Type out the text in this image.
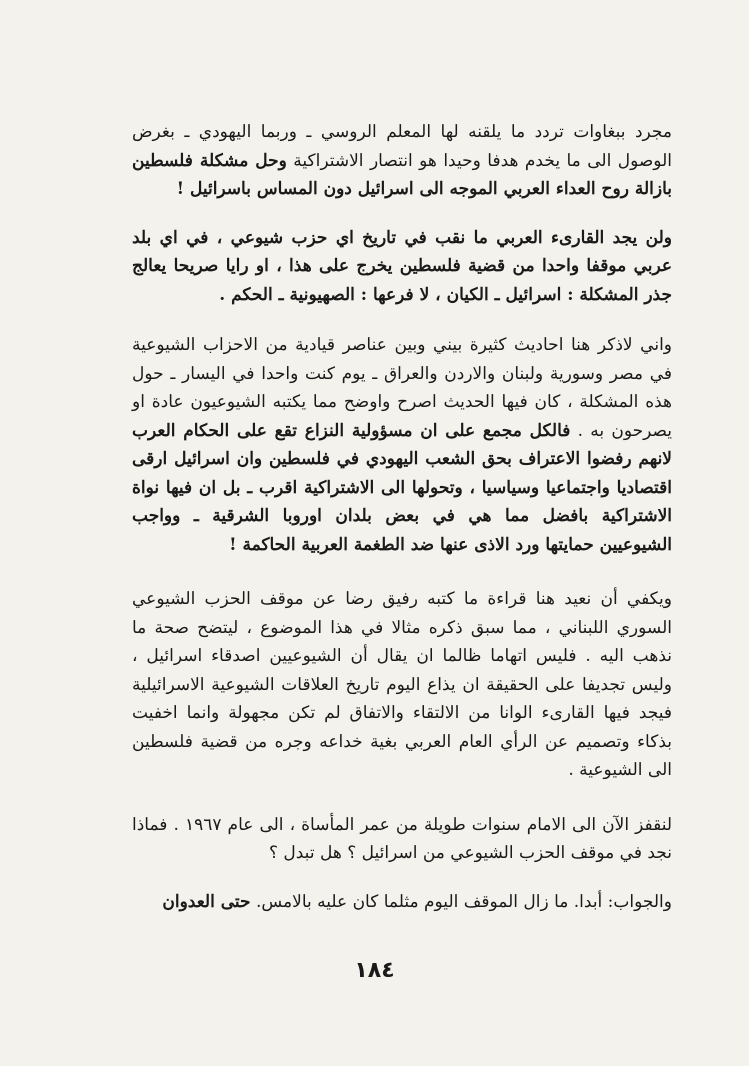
مجرد ببغاوات تردد ما يلقنه لها المعلم الروسي ـ وربما اليهودي ـ بغرض الوصول الى ما يخدم هدفا وحيدا هو انتصار الاشتراكية وحل مشكلة فلسطين بازالة روح العداء العربي الموجه الى اسرائيل دون المساس باسرائيل !

ولن يجد القارىء العربي ما نقب في تاريخ اي حزب شيوعي ، في اي بلد عربي موقفا واحدا من قضية فلسطين يخرج على هذا ، او رايا صريحا يعالج جذر المشكلة : اسرائيل ـ الكيان ، لا فرعها : الصهيونية ـ الحكم .

واني لاذكر هنا احاديث كثيرة بيني وبين عناصر قيادية من الاحزاب الشيوعية في مصر وسورية ولبنان والاردن والعراق ـ يوم كنت واحدا في اليسار ـ حول هذه المشكلة ، كان فيها الحديث اصرح واوضح مما يكتبه الشيوعيون عادة او يصرحون به . فالكل مجمع على ان مسؤولية النزاع تقع على الحكام العرب لانهم رفضوا الاعتراف بحق الشعب اليهودي في فلسطين وان اسرائيل ارقى اقتصاديا واجتماعيا وسياسيا ، وتحولها الى الاشتراكية اقرب ـ بل ان فيها نواة الاشتراكية بافضل مما هي في بعض بلدان اوروبا الشرقية ـ وواجب الشيوعيين حمايتها ورد الاذى عنها ضد الطغمة العربية الحاكمة !

ويكفي أن نعيد هنا قراءة ما كتبه رفيق رضا عن موقف الحزب الشيوعي السوري اللبناني ، مما سبق ذكره مثالا في هذا الموضوع ، ليتضح صحة ما نذهب اليه . فليس اتهاما ظالما ان يقال أن الشيوعيين اصدقاء اسرائيل ، وليس تجديفا على الحقيقة ان يذاع اليوم تاريخ العلاقات الشيوعية الاسرائيلية فيجد فيها القارىء الوانا من الالتقاء والاتفاق لم تكن مجهولة وانما اخفيت بذكاء وتصميم عن الرأي العام العربي بغية خداعه وجره من قضية فلسطين الى الشيوعية .

لنقفز الآن الى الامام سنوات طويلة من عمر المأساة ، الى عام ١٩٦٧ . فماذا نجد في موقف الحزب الشيوعي من اسرائيل ؟ هل تبدل ؟

والجواب: أبدا. ما زال الموقف اليوم مثلما كان عليه بالامس. حتى العدوان

١٨٤
